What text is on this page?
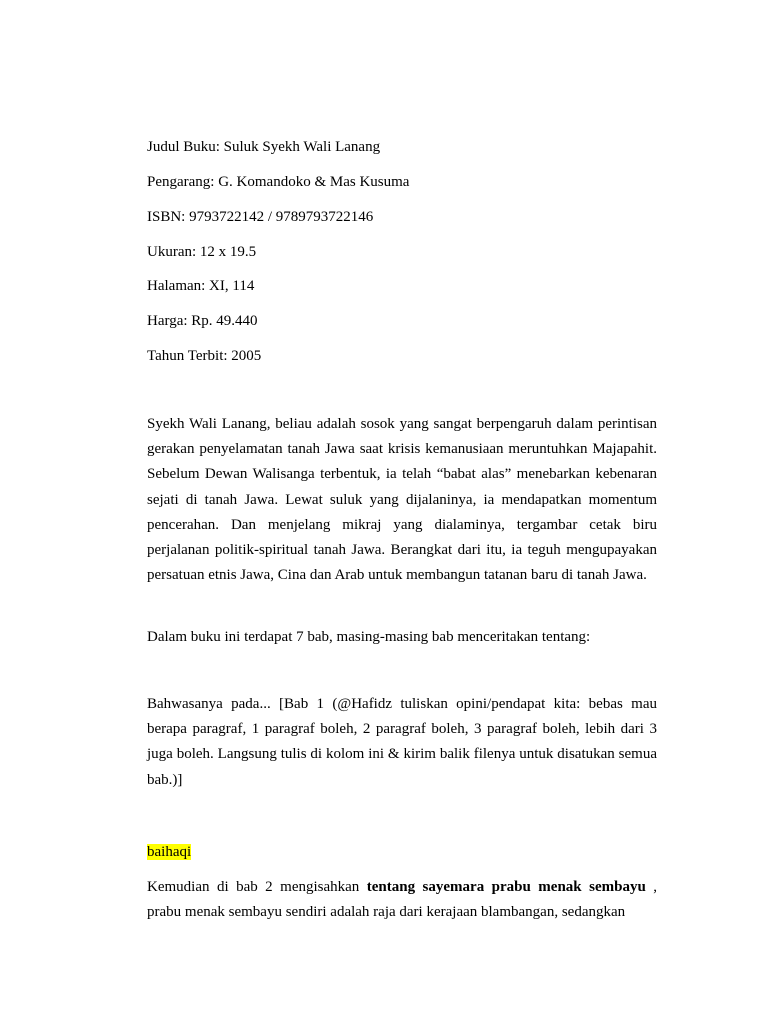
Judul Buku: Suluk Syekh Wali Lanang
Pengarang: G. Komandoko & Mas Kusuma
ISBN: 9793722142 / 9789793722146
Ukuran: 12 x 19.5
Halaman: XI, 114
Harga: Rp. 49.440
Tahun Terbit: 2005
Syekh Wali Lanang, beliau adalah sosok yang sangat berpengaruh dalam perintisan gerakan penyelamatan tanah Jawa saat krisis kemanusiaan meruntuhkan Majapahit. Sebelum Dewan Walisanga terbentuk, ia telah “babat alas” menebarkan kebenaran sejati di tanah Jawa. Lewat suluk yang dijalaninya, ia mendapatkan momentum pencerahan. Dan menjelang mikraj yang dialaminya, tergambar cetak biru perjalanan politik-spiritual tanah Jawa. Berangkat dari itu, ia teguh mengupayakan persatuan etnis Jawa, Cina dan Arab untuk membangun tatanan baru di tanah Jawa.
Dalam buku ini terdapat 7 bab, masing-masing bab menceritakan tentang:
Bahwasanya pada... [Bab 1 (@Hafidz tuliskan opini/pendapat kita: bebas mau berapa paragraf, 1 paragraf boleh, 2 paragraf boleh, 3 paragraf boleh, lebih dari 3 juga boleh. Langsung tulis di kolom ini & kirim balik filenya untuk disatukan semua bab.)]
baihaqi
Kemudian di bab 2 mengisahkan tentang sayemara prabu menak sembayu , prabu menak sembayu sendiri adalah raja dari kerajaan blambangan, sedangkan
